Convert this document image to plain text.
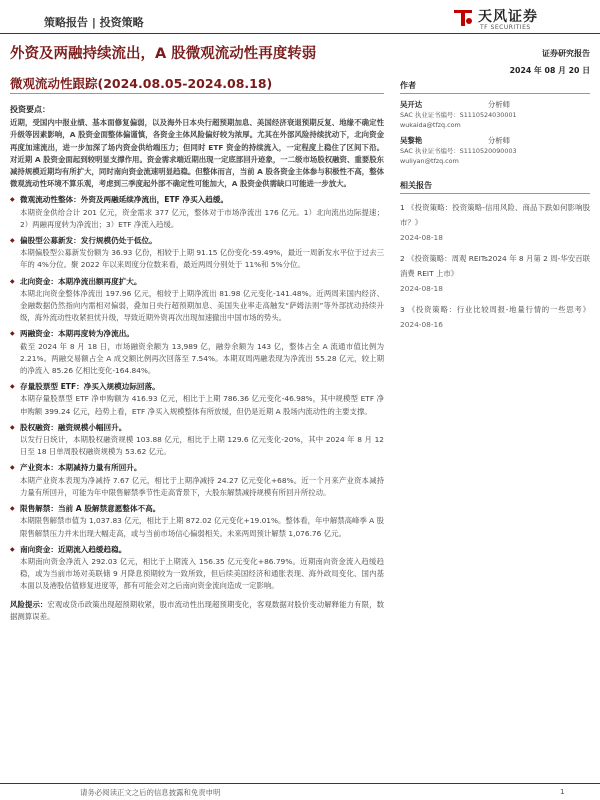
策略报告 | 投资策略	天风证券
TF SECURITIES
外资及两融持续流出，A 股微观流动性再度转弱
微观流动性跟踪(2024.08.05-2024.08.18)
投资要点：
近期，受国内中报业绩、基本面修复偏弱，以及海外日本央行超预期加息、美国经济衰退预期反复、地缘不确定性升级等因素影响，A 股资金面整体偏谨慎，各资金主体风险偏好较为浓厚。尤其在外部风险持续扰动下，北向资金再度加速流出，进一步加深了场内资金供给端压力；但同时 ETF 资金的持续流入，一定程度上稳住了区间下沿。对近期 A 股资金面起到较明显支撑作用。资金需求端近期出现一定底部回升迹象，一二级市场股权融资、重要股东减持规模近期均有所扩大，同时南向资金流速明显趋稳。但整体而言，当前 A 股各资金主体参与积极性不高，整体微观流动性环境不算乐观，考虑到三季度起外部不确定性可能加大，A 股资金供需缺口可能进一步放大。
◆ 微观流动性整体：外资及两融延续净流出，ETF 净买入趋缓。
本期资金供给合计 201 亿元，资金需求 377 亿元，整体对于市场净流出 176 亿元。1）北向流出边际提速；2）两融再度转为净流出；3）ETF 净流入趋缓。
◆ 偏股型公募新发：发行规模仍处于低位。
本期偏股型公募新发份额为 36.93 亿份，相较于上期 91.15 亿份变化-59.49%，最近一周新发水平位于过去三年的 4%分位。聚 2022 年以来周度分位数来看，最近两周分别处于 11%和 5%分位。
◆ 北向资金：本期净流出额再度扩大。
本期北向资金整体净流出 197.96 亿元，相较于上期净流出 81.98 亿元变化-141.48%。近两周来国内经济、金融数据仍然指向内需相对偏弱，叠加日央行超预期加息、美国失业率走高触发“萨姆法则”等外部扰动持续升级，海外流动性收紧担忧升级，导致近期外资再次出现加速撤出中国市场的势头。
◆ 两融资金：本期再度转为净流出。
截至 2024 年 8 月 18 日，市场融资余额为 13,989 亿，融券余额为 143 亿，整体占全 A 流通市值比例为 2.21%。两融交易额占全 A 成交额比例再次回落至 7.54%。本期双周两融表现为净流出 55.28 亿元，较上期的净流入 85.26 亿相比变化-164.84%。
◆ 存量股票型 ETF：净买入规模边际回落。
本期存量股票型 ETF 净申购额为 416.93 亿元，相比于上期 786.36 亿元变化-46.98%，其中规模型 ETF 净申购额 399.24 亿元，趋势上看，ETF 净买入规模整体有所放缓，但仍是近期 A 股场内流动性的主要支撑。
◆ 股权融资：融资规模小幅回升。
以发行日统计，本期股权融资规模 103.88 亿元，相比于上期 129.6 亿元变化-20%，其中 2024 年 8 月 12 日至 18 日单周股权融资规模为 53.62 亿元。
◆ 产业资本：本期减持力量有所回升。
本期产业资本表现为净减持 7.67 亿元，相比于上期净减持 24.27 亿元变化+68%。近一个月来产业资本减持力量有所回升，可能为年中限售解禁季节性走高背景下，大股东解禁减持规模有所回升所拉动。
◆ 限售解禁：当前 A 股解禁意愿整体不高。
本期限售解禁市值为 1,037.83 亿元，相比于上期 872.02 亿元变化+19.01%。整体看，年中解禁高峰季 A 股限售解禁压力并未出现大幅走高，或与当前市场信心偏弱相关。未来两周预计解禁 1,076.76 亿元。
◆ 南向资金：近期流入趋缓趋稳。
本期南向资金净流入 292.03 亿元，相比于上期流入 156.35 亿元变化+86.79%。近期南向资金流入趋缓趋稳，或为当前市场对美联储 9 月降息预期较为一致所致，但后续美国经济和通胀表现、海外政局变化、国内基本面以及港股估值修复进度等，都有可能会对之后南向资金流向造成一定影响。
风险提示：宏观或货币政策出现超预期收紧，股市流动性出现超预期变化，客观数据对股价变动解释能力有限，数据测算误差。
证券研究报告
2024 年 08 月 20 日
作者
吴开达	分析师
SAC 执业证书编号：S1110524030001
wukaida@tfzq.com
吴黎艳	分析师
SAC 执业证书编号：S1110520090003
wuliyan@tfzq.com
相关报告
1 《投资策略：投资策略-信用风险、商品下跌如何影响股市？》
2024-08-18
2 《投资策略：周观 REITs2024 年 8 月第 2 周-华安百联消费 REIT 上市》
2024-08-18
3 《投资策略：行业比较周报-地量行情的一些思考》 2024-08-16
请务必阅读正文之后的信息披露和免责申明	1
